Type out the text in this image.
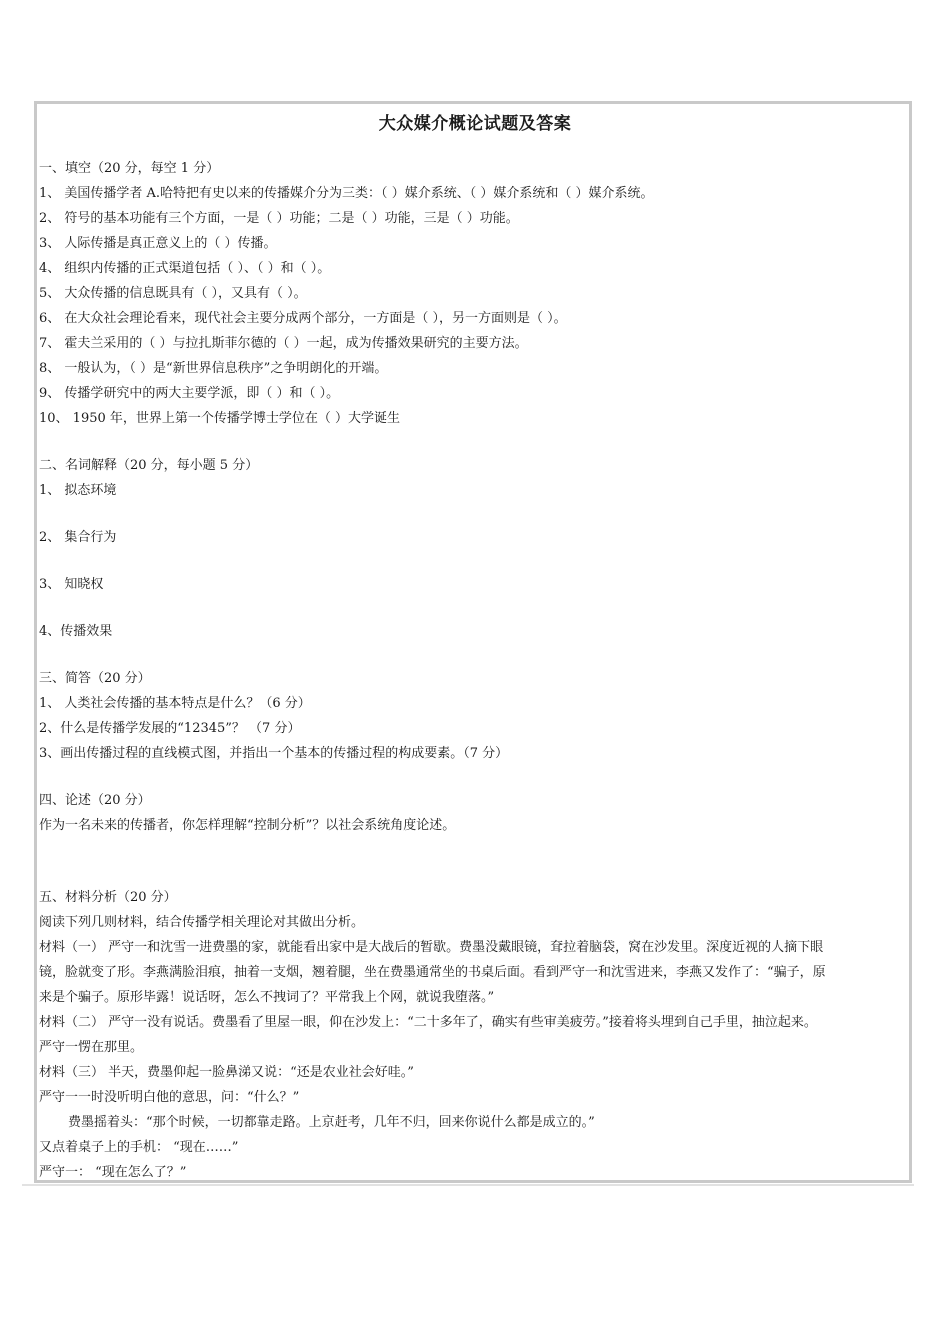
大众媒介概论试题及答案
一、填空（20 分，每空 1 分）
1、 美国传播学者 A.哈特把有史以来的传播媒介分为三类：（ ）媒介系统、（ ）媒介系统和（ ）媒介系统。
2、 符号的基本功能有三个方面，一是（ ）功能；二是（ ）功能，三是（ ）功能。
3、 人际传播是真正意义上的（ ）传播。
4、 组织内传播的正式渠道包括（ ）、（ ）和（ ）。
5、 大众传播的信息既具有（ ），又具有（ ）。
6、 在大众社会理论看来，现代社会主要分成两个部分，一方面是（ ），另一方面则是（ ）。
7、 霍夫兰采用的（ ）与拉扎斯菲尔德的（ ）一起，成为传播效果研究的主要方法。
8、 一般认为，（ ）是“新世界信息秩序”之争明朗化的开端。
9、 传播学研究中的两大主要学派，即（ ）和（ ）。
10、 1950 年，世界上第一个传播学博士学位在（ ）大学诞生
二、名词解释（20 分，每小题 5 分）
1、 拟态环境
2、 集合行为
3、 知晓权
4、传播效果
三、简答（20 分）
1、 人类社会传播的基本特点是什么？（6 分）
2、什么是传播学发展的“12345”？ （7 分）
3、画出传播过程的直线模式图，并指出一个基本的传播过程的构成要素。（7 分）
四、论述（20 分）
作为一名未来的传播者，你怎样理解“控制分析”？以社会系统角度论述。
五、材料分析（20 分）
阅读下列几则材料，结合传播学相关理论对其做出分析。
材料（一） 严守一和沈雪一进费墨的家，就能看出家中是大战后的暂歇。费墨没戴眼镜，耷拉着脑袋，窝在沙发里。深度近视的人摘下眼
镜，脸就变了形。李燕满脸泪痕，抽着一支烟，翘着腿，坐在费墨通常坐的书桌后面。看到严守一和沈雪进来，李燕又发作了：“骗子，原
来是个骗子。原形毕露！说话呀，怎么不拽词了？平常我上个网，就说我堕落。”
材料（二） 严守一没有说话。费墨看了里屋一眼，仰在沙发上：“二十多年了，确实有些审美疲劳。”接着将头埋到自己手里，抽泣起来。
严守一愣在那里。
材料（三） 半天，费墨仰起一脸鼻涕又说：“还是农业社会好哇。”
严守一一时没听明白他的意思，问：“什么？”
费墨摇着头：“那个时候，一切都靠走路。上京赶考，几年不归，回来你说什么都是成立的。”
又点着桌子上的手机： “现在……”
严守一： “现在怎么了？”
